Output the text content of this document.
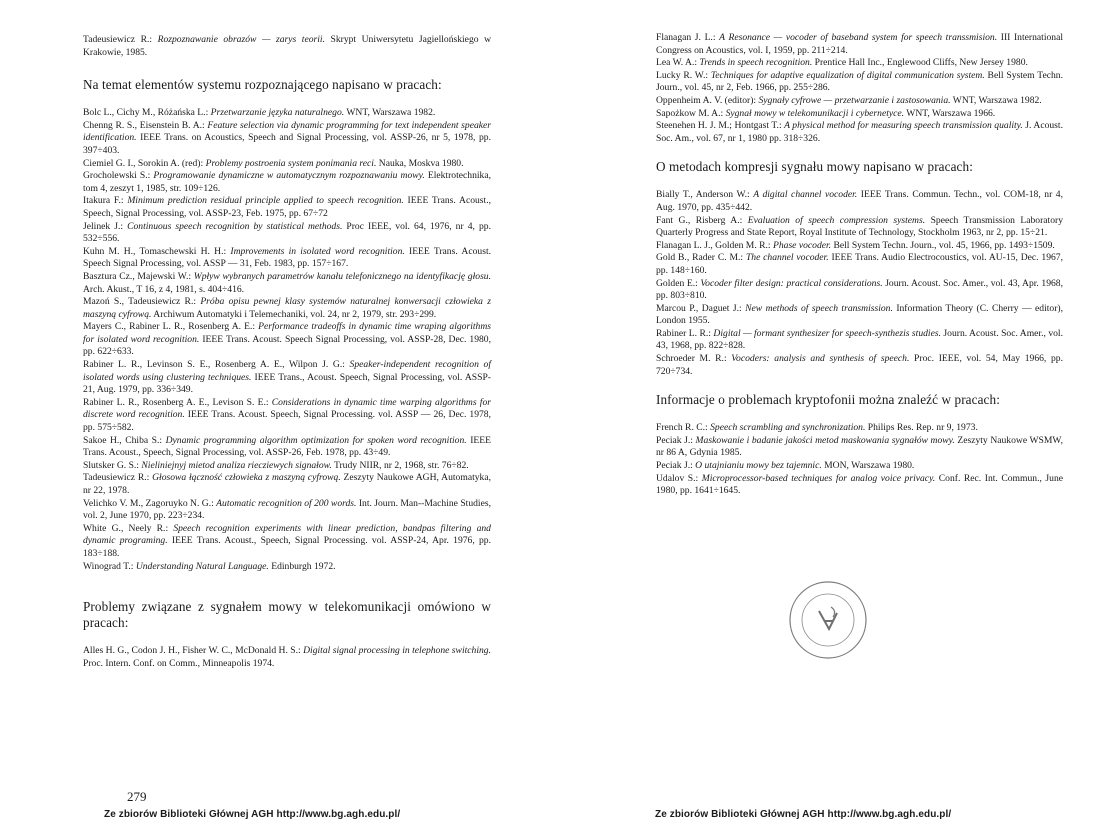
Tadeusiewicz R.: Rozpoznawanie obrazów — zarys teorii. Skrypt Uniwersytetu Jagiellońskiego w Krakowie, 1985.

Na temat elementów systemu rozpoznającego napisano w pracach:

Bolc L., Cichy M., Różańska L.: Przetwarzanie języka naturalnego. WNT, Warszawa 1982.

Chenng R. S., Eisenstein B. A.: Feature selection via dynamic programming for text independent speaker identification. IEEE Trans. on Acoustics, Speech and Signal Processing, vol. ASSP-26, nr 5, 1978, pp. 397÷403.

Ciemiel G. I., Sorokin A. (red): Problemy postroenia system ponimania reci. Nauka, Moskva 1980.

Grocholewski S.: Programowanie dynamiczne w automatycznym rozpoznawaniu mowy. Elektrotechnika, tom 4, zeszyt 1, 1985, str. 109÷126.

Itakura F.: Minimum prediction residual principle applied to speech recognition. IEEE Trans. Acoust., Speech, Signal Processing, vol. ASSP-23, Feb. 1975, pp. 67÷72

Jelinek J.: Continuous speech recognition by statistical methods. Proc IEEE, vol. 64, 1976, nr 4, pp. 532÷556.

Kuhn M. H., Tomaschewski H. H.: Improvements in isolated word recognition. IEEE Trans. Acoust. Speech Signal Processing, vol. ASSP — 31, Feb. 1983, pp. 157÷167.

Basztura Cz., Majewski W.: Wpływ wybranych parametrów kanału telefonicznego na identyfikację głosu. Arch. Akust., T 16, z 4, 1981, s. 404÷416.

Mazoń S., Tadeusiewicz R.: Próba opisu pewnej klasy systemów naturalnej konwersacji człowieka z maszyną cyfrową. Archiwum Automatyki i Telemechaniki, vol. 24, nr 2, 1979, str. 293÷299.

Mayers C., Rabiner L. R., Rosenberg A. E.: Performance tradeoffs in dynamic time wraping algorithms for isolated word recognition. IEEE Trans. Acoust. Speech Signal Processing, vol. ASSP-28, Dec. 1980, pp. 622÷633.

Rabiner L. R., Levinson S. E., Rosenberg A. E., Wilpon J. G.: Speaker-independent recognition of isolated words using clustering techniques. IEEE Trans., Acoust. Speech, Signal Processing, vol. ASSP-21, Aug. 1979, pp. 336÷349.

Rabiner L. R., Rosenberg A. E., Levison S. E.: Considerations in dynamic time warping algorithms for discrete word recognition. IEEE Trans. Acoust. Speech, Signal Processing. vol. ASSP — 26, Dec. 1978, pp. 575÷582.

Sakoe H., Chiba S.: Dynamic programming algorithm optimization for spoken word recognition. IEEE Trans. Acoust., Speech, Signal Processing, vol. ASSP-26, Feb. 1978, pp. 43÷49.

Slutsker G. S.: Nielinieјnyj mietod analiza riecziewych signałow. Trudy NIIR, nr 2, 1968, str. 76÷82.

Tadeusiewicz R.: Głosowa łączność człowieka z maszyną cyfrową. Zeszyty Naukowe AGH, Automatyka, nr 22, 1978.

Velichko V. M., Zagoruyko N. G.: Automatic recognition of 200 words. Int. Journ. Man--Machine Studies, vol. 2, June 1970, pp. 223÷234.

White G., Neely R.: Speech recognition experiments with linear prediction, bandpas filtering and dynamic programing. IEEE Trans. Acoust., Speech, Signal Processing. vol. ASSP-24, Apr. 1976, pp. 183÷188.

Winograd T.: Understanding Natural Language. Edinburgh 1972.

Problemy związane z sygnałem mowy w telekomunikacji omówiono w pracach:

Alles H. G., Codon J. H., Fisher W. C., McDonald H. S.: Digital signal processing in telephone switching. Proc. Intern. Conf. on Comm., Minneapolis 1974.

279
Ze zbiorów Biblioteki Głównej AGH http://www.bg.agh.edu.pl/

Flanagan J. L.: A Resonance — vocoder of baseband system for speech transsmision. III International Congress on Acoustics, vol. I, 1959, pp. 211÷214.

Lea W. A.: Trends in speech recognition. Prentice Hall Inc., Englewood Cliffs, New Jersey 1980.

Lucky R. W.: Techniques for adaptive equalization of digital communication system. Bell System Techn. Journ., vol. 45, nr 2, Feb. 1966, pp. 255÷286.

Oppenheim A. V. (editor): Sygnały cyfrowe — przetwarzanie i zastosowania. WNT, Warszawa 1982.

Sapożkow M. A.: Sygnał mowy w telekomunikacji i cybernetyce. WNT, Warszawa 1966.

Steenehen H. J. M.; Hontgast T.: A physical method for measuring speech transmission quality. J. Acoust. Soc. Am., vol. 67, nr 1, 1980 pp. 318÷326.

O metodach kompresji sygnału mowy napisano w pracach:

Bially T., Anderson W.: A digital channel vocoder. IEEE Trans. Commun. Techn., vol. COM-18, nr 4, Aug. 1970, pp. 435÷442.

Fant G., Risberg A.: Evaluation of speech compression systems. Speech Transmission Laboratory Quarterly Progress and State Report, Royal Institute of Technology, Stockholm 1963, nr 2, pp. 15÷21.

Flanagan L. J., Golden M. R.: Phase vocoder. Bell System Techn. Journ., vol. 45, 1966, pp. 1493÷1509.

Gold B., Rader C. M.: The channel vocoder. IEEE Trans. Audio Electrocoustics, vol. AU-15, Dec. 1967, pp. 148÷160.

Golden E.: Vocoder filter design: practical considerations. Journ. Acoust. Soc. Amer., vol. 43, Apr. 1968, pp. 803÷810.

Marcou P., Daguet J.: New methods of speech transmission. Information Theory (C. Cherry — editor), London 1955.

Rabiner L. R.: Digital — formant synthesizer for speech-synthezis studies. Journ. Acoust. Soc. Amer., vol. 43, 1968, pp. 822÷828.

Schroeder M. R.: Vocoders: analysis and synthesis of speech. Proc. IEEE, vol. 54, May 1966, pp. 720÷734.

Informacje o problemach kryptofonii można znaleźć w pracach:

French R. C.: Speech scrambling and synchronization. Philips Res. Rep. nr 9, 1973.

Peciak J.: Maskowanie i badanie jakości metod maskowania sygnałów mowy. Zeszyty Naukowe WSMW, nr 86 A, Gdynia 1985.

Peciak J.: O utajnianiu mowy bez tajemnic. MON, Warszawa 1980.

Udalov S.: Microprocessor-based techniques for analog voice privacy. Conf. Rec. Int. Commun., June 1980, pp. 1641÷1645.

Ze zbiorów Biblioteki Głównej AGH http://www.bg.agh.edu.pl/
